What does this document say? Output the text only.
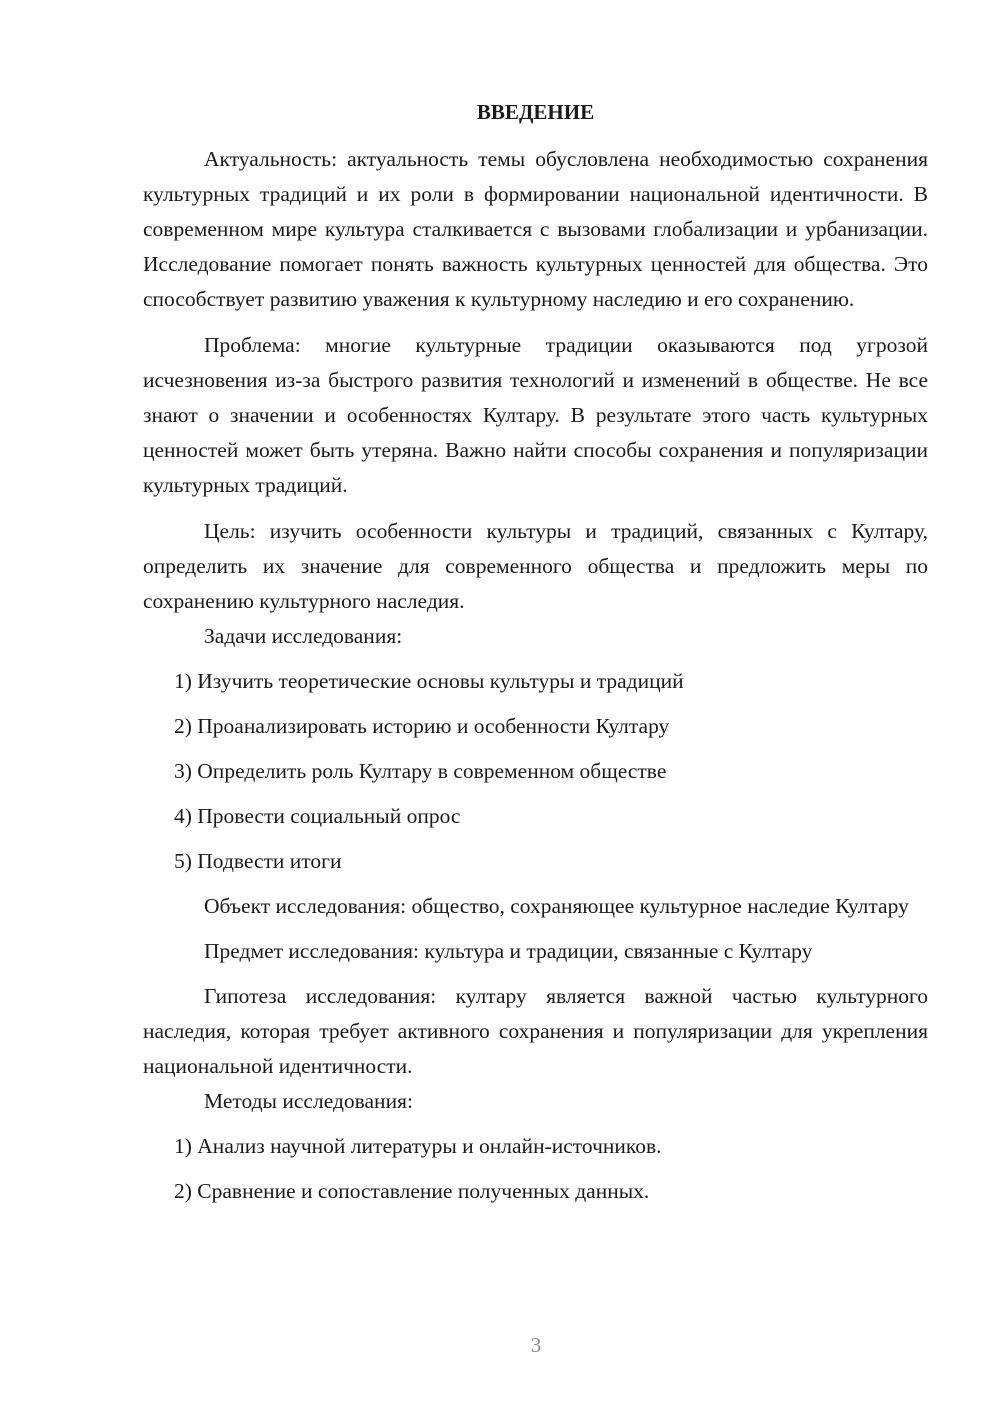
ВВЕДЕНИЕ

Актуальность: актуальность темы обусловлена необходимостью сохранения культурных традиций и их роли в формировании национальной идентичности. В современном мире культура сталкивается с вызовами глобализации и урбанизации. Исследование помогает понять важность культурных ценностей для общества. Это способствует развитию уважения к культурному наследию и его сохранению.

Проблема: многие культурные традиции оказываются под угрозой исчезновения из-за быстрого развития технологий и изменений в обществе. Не все знают о значении и особенностях Култару. В результате этого часть культурных ценностей может быть утеряна. Важно найти способы сохранения и популяризации культурных традиций.

Цель: изучить особенности культуры и традиций, связанных с Култару, определить их значение для современного общества и предложить меры по сохранению культурного наследия.

Задачи исследования:

1) Изучить теоретические основы культуры и традиций

2) Проанализировать историю и особенности Култару

3) Определить роль Култару в современном обществе

4) Провести социальный опрос

5) Подвести итоги

Объект исследования: общество, сохраняющее культурное наследие Култару

Предмет исследования: культура и традиции, связанные с Култару

Гипотеза исследования: култару является важной частью культурного наследия, которая требует активного сохранения и популяризации для укрепления национальной идентичности.

Методы исследования:

1) Анализ научной литературы и онлайн-источников.

2) Сравнение и сопоставление полученных данных.

3
